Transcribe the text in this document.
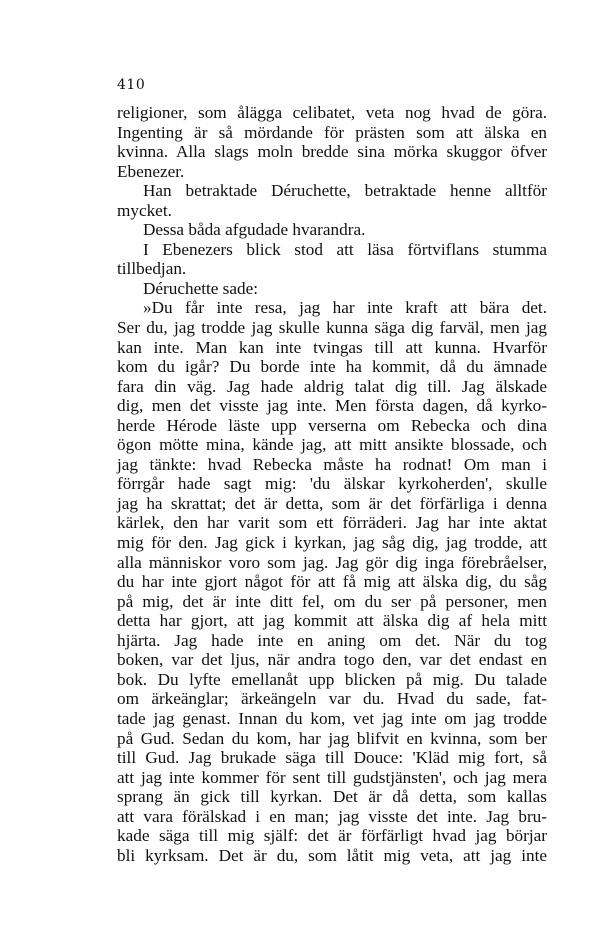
410
religioner, som ålägga celibatet, veta nog hvad de göra.
Ingenting är så mördande för prästen som att älska en
kvinna. Alla slags moln bredde sina mörka skuggor öfver
Ebenezer.
Han betraktade Déruchette, betraktade henne alltför
mycket.
Dessa båda afgudade hvarandra.
I Ebenezers blick stod att läsa förtviflans stumma
tillbedjan.
Déruchette sade:
»Du får inte resa, jag har inte kraft att bära det.
Ser du, jag trodde jag skulle kunna säga dig farväl, men jag
kan inte. Man kan inte tvingas till att kunna. Hvarför
kom du igår? Du borde inte ha kommit, då du ämnade
fara din väg. Jag hade aldrig talat dig till. Jag älskade
dig, men det visste jag inte. Men första dagen, då kyrko-
herde Hérode läste upp verserna om Rebecka och dina
ögon mötte mina, kände jag, att mitt ansikte blossade, och
jag tänkte: hvad Rebecka måste ha rodnat! Om man i
förrgår hade sagt mig: 'du älskar kyrkoherden', skulle
jag ha skrattat; det är detta, som är det förfärliga i denna
kärlek, den har varit som ett förräderi. Jag har inte aktat
mig för den. Jag gick i kyrkan, jag såg dig, jag trodde, att
alla människor voro som jag. Jag gör dig inga förebråelser,
du har inte gjort något för att få mig att älska dig, du såg
på mig, det är inte ditt fel, om du ser på personer, men
detta har gjort, att jag kommit att älska dig af hela mitt
hjärta. Jag hade inte en aning om det. När du tog
boken, var det ljus, när andra togo den, var det endast en
bok. Du lyfte emellanåt upp blicken på mig. Du talade
om ärkeänglar; ärkeängeln var du. Hvad du sade, fat-
tade jag genast. Innan du kom, vet jag inte om jag trodde
på Gud. Sedan du kom, har jag blifvit en kvinna, som ber
till Gud. Jag brukade säga till Douce: 'Kläd mig fort, så
att jag inte kommer för sent till gudstjänsten', och jag mera
sprang än gick till kyrkan. Det är då detta, som kallas
att vara förälskad i en man; jag visste det inte. Jag bru-
kade säga till mig själf: det är förfärligt hvad jag börjar
bli kyrksam. Det är du, som låtit mig veta, att jag inte
